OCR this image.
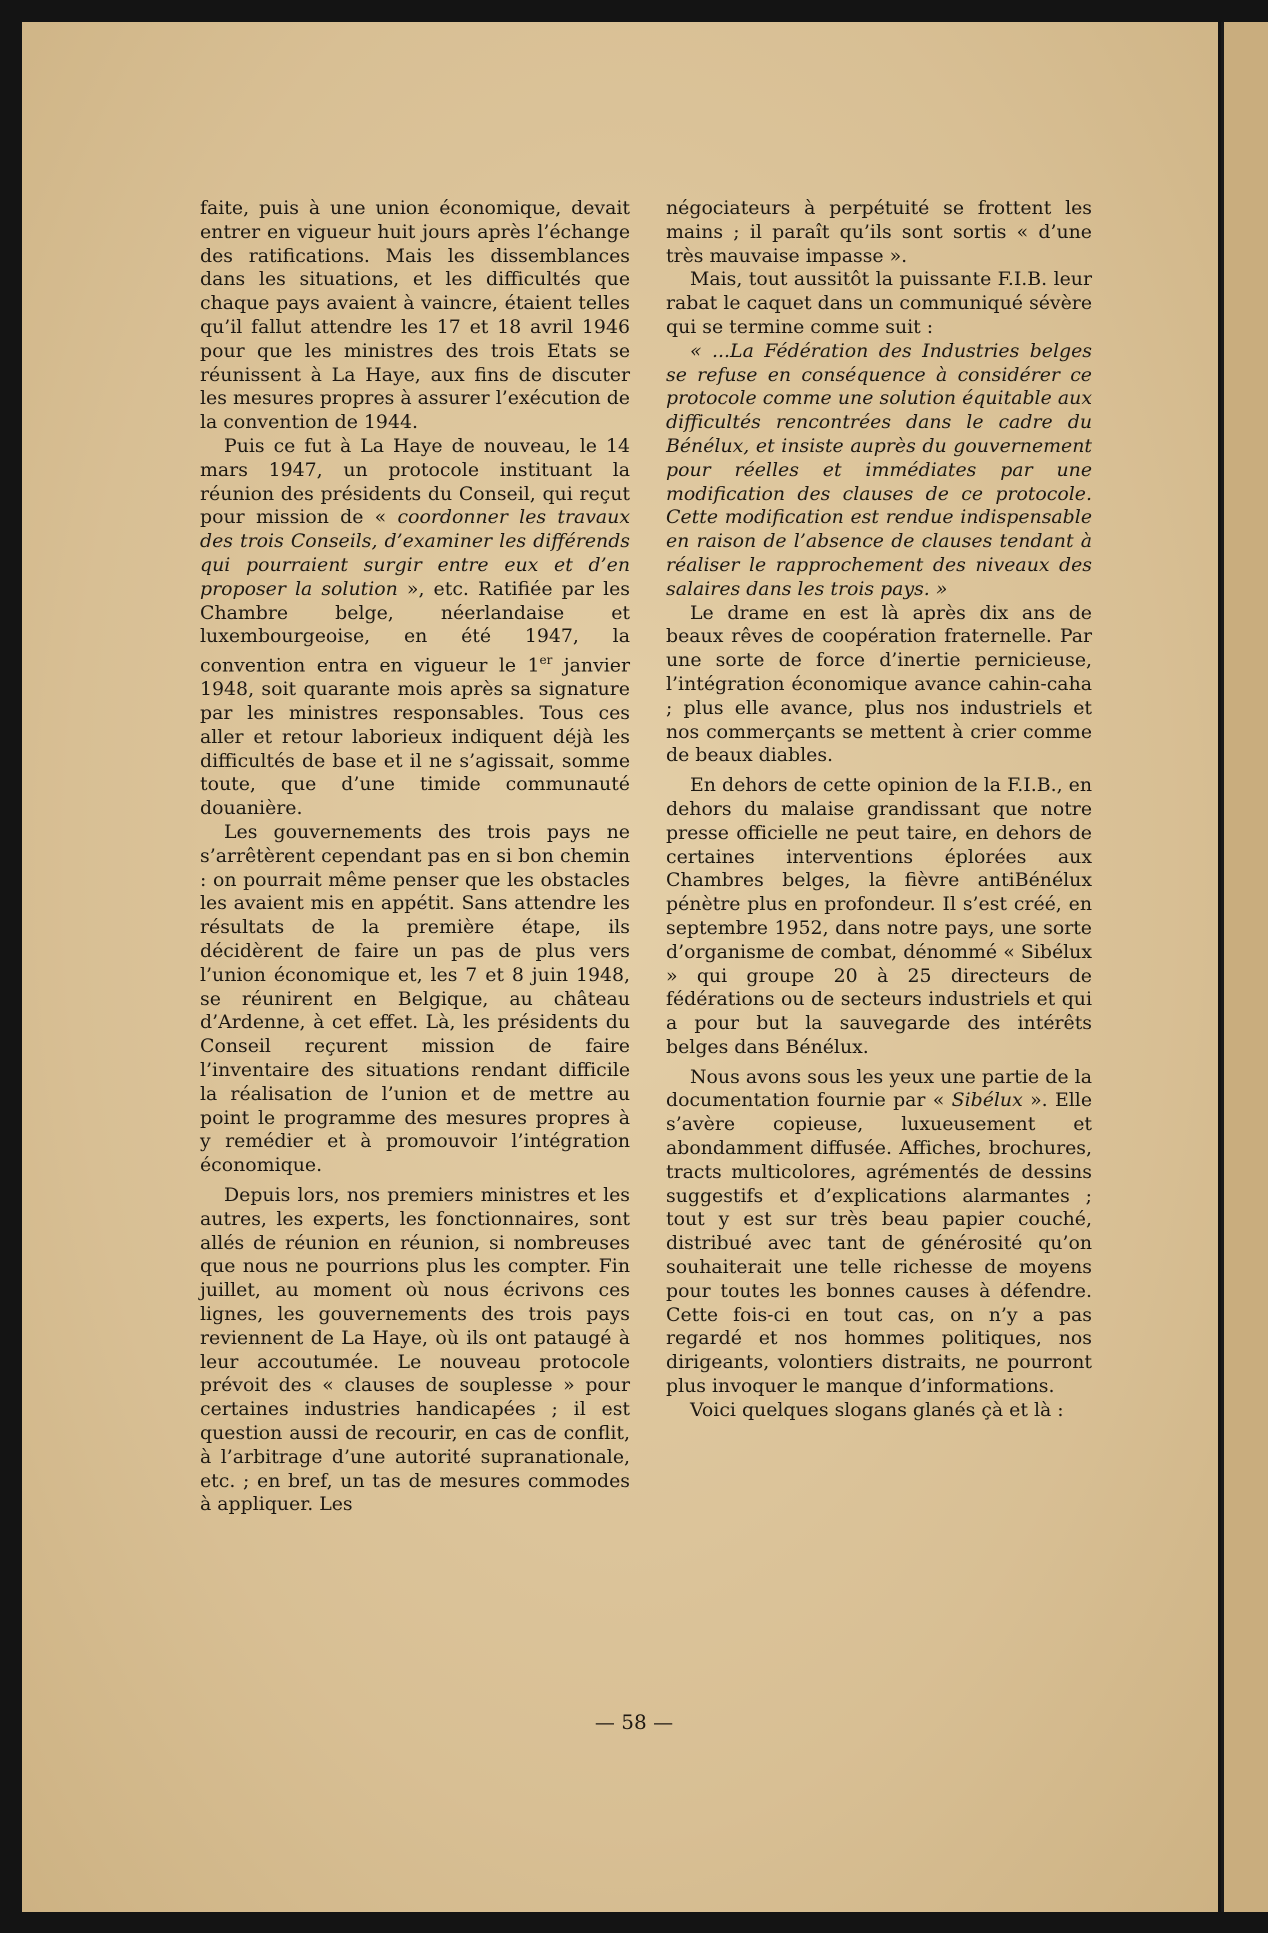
faite, puis à une union économique, devait entrer en vigueur huit jours après l’échange des ratifications. Mais les dissemblances dans les situations, et les difficultés que chaque pays avaient à vaincre, étaient telles qu’il fallut attendre les 17 et 18 avril 1946 pour que les ministres des trois Etats se réunissent à La Haye, aux fins de discuter les mesures propres à assurer l’exécution de la convention de 1944.

Puis ce fut à La Haye de nouveau, le 14 mars 1947, un protocole instituant la réunion des présidents du Conseil, qui reçut pour mission de « coordonner les travaux des trois Conseils, d’examiner les différends qui pourraient surgir entre eux et d’en proposer la solution », etc. Ratifiée par les Chambre belge, néerlandaise et luxembourgeoise, en été 1947, la convention entra en vigueur le 1er janvier 1948, soit quarante mois après sa signature par les ministres responsables. Tous ces aller et retour laborieux indiquent déjà les difficultés de base et il ne s’agissait, somme toute, que d’une timide communauté douanière.

Les gouvernements des trois pays ne s’arrêtèrent cependant pas en si bon chemin : on pourrait même penser que les obstacles les avaient mis en appétit. Sans attendre les résultats de la première étape, ils décidèrent de faire un pas de plus vers l’union économique et, les 7 et 8 juin 1948, se réunirent en Belgique, au château d’Ardenne, à cet effet. Là, les présidents du Conseil reçurent mission de faire l’inventaire des situations rendant difficile la réalisation de l’union et de mettre au point le programme des mesures propres à y remédier et à promouvoir l’intégration économique.

Depuis lors, nos premiers ministres et les autres, les experts, les fonctionnaires, sont allés de réunion en réunion, si nombreuses que nous ne pourrions plus les compter. Fin juillet, au moment où nous écrivons ces lignes, les gouvernements des trois pays reviennent de La Haye, où ils ont pataugé à leur accoutumée. Le nouveau protocole prévoit des « clauses de souplesse » pour certaines industries handicapées ; il est question aussi de recourir, en cas de conflit, à l’arbitrage d’une autorité supranationale, etc. ; en bref, un tas de mesures commodes à appliquer. Les

négociateurs à perpétuité se frottent les mains ; il paraît qu’ils sont sortis « d’une très mauvaise impasse ».

Mais, tout aussitôt la puissante F.I.B. leur rabat le caquet dans un communiqué sévère qui se termine comme suit :

« ...La Fédération des Industries belges se refuse en conséquence à considérer ce protocole comme une solution équitable aux difficultés rencontrées dans le cadre du Bénélux, et insiste auprès du gouvernement pour réelles et immédiates par une modification des clauses de ce protocole. Cette modification est rendue indispensable en raison de l’absence de clauses tendant à réaliser le rapprochement des niveaux des salaires dans les trois pays. »

Le drame en est là après dix ans de beaux rêves de coopération fraternelle. Par une sorte de force d’inertie pernicieuse, l’intégration économique avance cahin-caha ; plus elle avance, plus nos industriels et nos commerçants se mettent à crier comme de beaux diables.

En dehors de cette opinion de la F.I.B., en dehors du malaise grandissant que notre presse officielle ne peut taire, en dehors de certaines interventions éplorées aux Chambres belges, la fièvre antiBénélux pénètre plus en profondeur. Il s’est créé, en septembre 1952, dans notre pays, une sorte d’organisme de combat, dénommé « Sibélux » qui groupe 20 à 25 directeurs de fédérations ou de secteurs industriels et qui a pour but la sauvegarde des intérêts belges dans Bénélux.

Nous avons sous les yeux une partie de la documentation fournie par « Sibélux ». Elle s’avère copieuse, luxueusement et abondamment diffusée. Affiches, brochures, tracts multicolores, agrémentés de dessins suggestifs et d’explications alarmantes ; tout y est sur très beau papier couché, distribué avec tant de générosité qu’on souhaiterait une telle richesse de moyens pour toutes les bonnes causes à défendre. Cette fois-ci en tout cas, on n’y a pas regardé et nos hommes politiques, nos dirigeants, volontiers distraits, ne pourront plus invoquer le manque d’informations.

Voici quelques slogans glanés çà et là :

— 58 —
